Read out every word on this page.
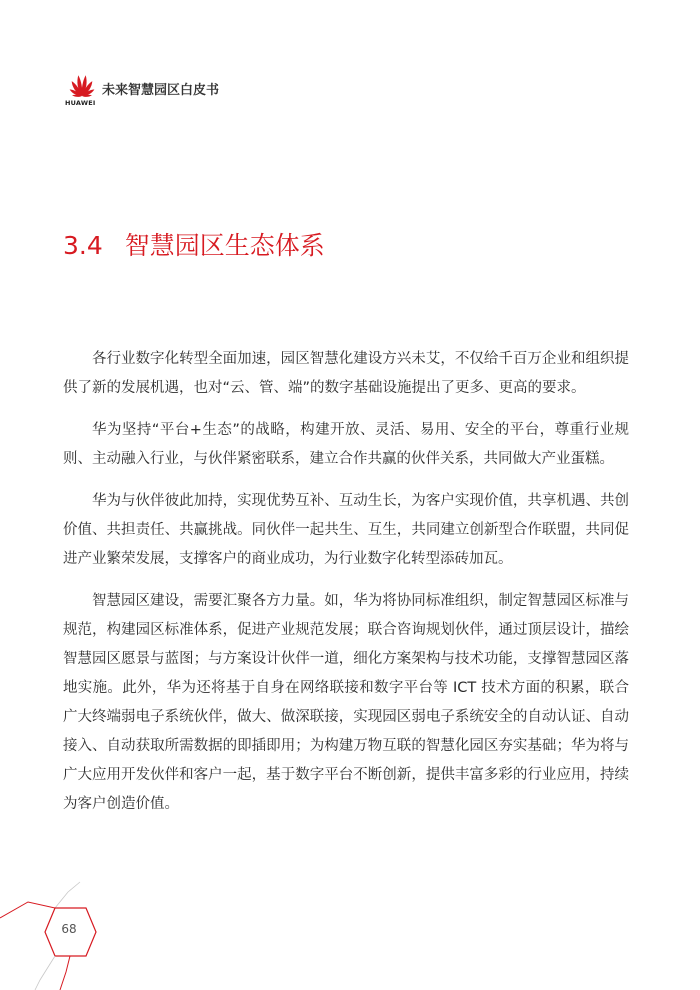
HUAWEI
未来智慧园区白皮书
3.4 智慧园区生态体系

各行业数字化转型全面加速，园区智慧化建设方兴未艾，不仅给千百万企业和组织提供了新的发展机遇，也对“云、管、端”的数字基础设施提出了更多、更高的要求。

华为坚持“平台+生态”的战略，构建开放、灵活、易用、安全的平台，尊重行业规则、主动融入行业，与伙伴紧密联系，建立合作共赢的伙伴关系，共同做大产业蛋糕。

华为与伙伴彼此加持，实现优势互补、互动生长，为客户实现价值，共享机遇、共创价值、共担责任、共赢挑战。同伙伴一起共生、互生，共同建立创新型合作联盟，共同促进产业繁荣发展，支撑客户的商业成功，为行业数字化转型添砖加瓦。

智慧园区建设，需要汇聚各方力量。如，华为将协同标准组织，制定智慧园区标准与规范，构建园区标准体系，促进产业规范发展；联合咨询规划伙伴，通过顶层设计，描绘智慧园区愿景与蓝图；与方案设计伙伴一道，细化方案架构与技术功能，支撑智慧园区落地实施。此外，华为还将基于自身在网络联接和数字平台等 ICT 技术方面的积累，联合广大终端弱电子系统伙伴，做大、做深联接，实现园区弱电子系统安全的自动认证、自动接入、自动获取所需数据的即插即用；为构建万物互联的智慧化园区夯实基础；华为将与广大应用开发伙伴和客户一起，基于数字平台不断创新，提供丰富多彩的行业应用，持续为客户创造价值。

68
